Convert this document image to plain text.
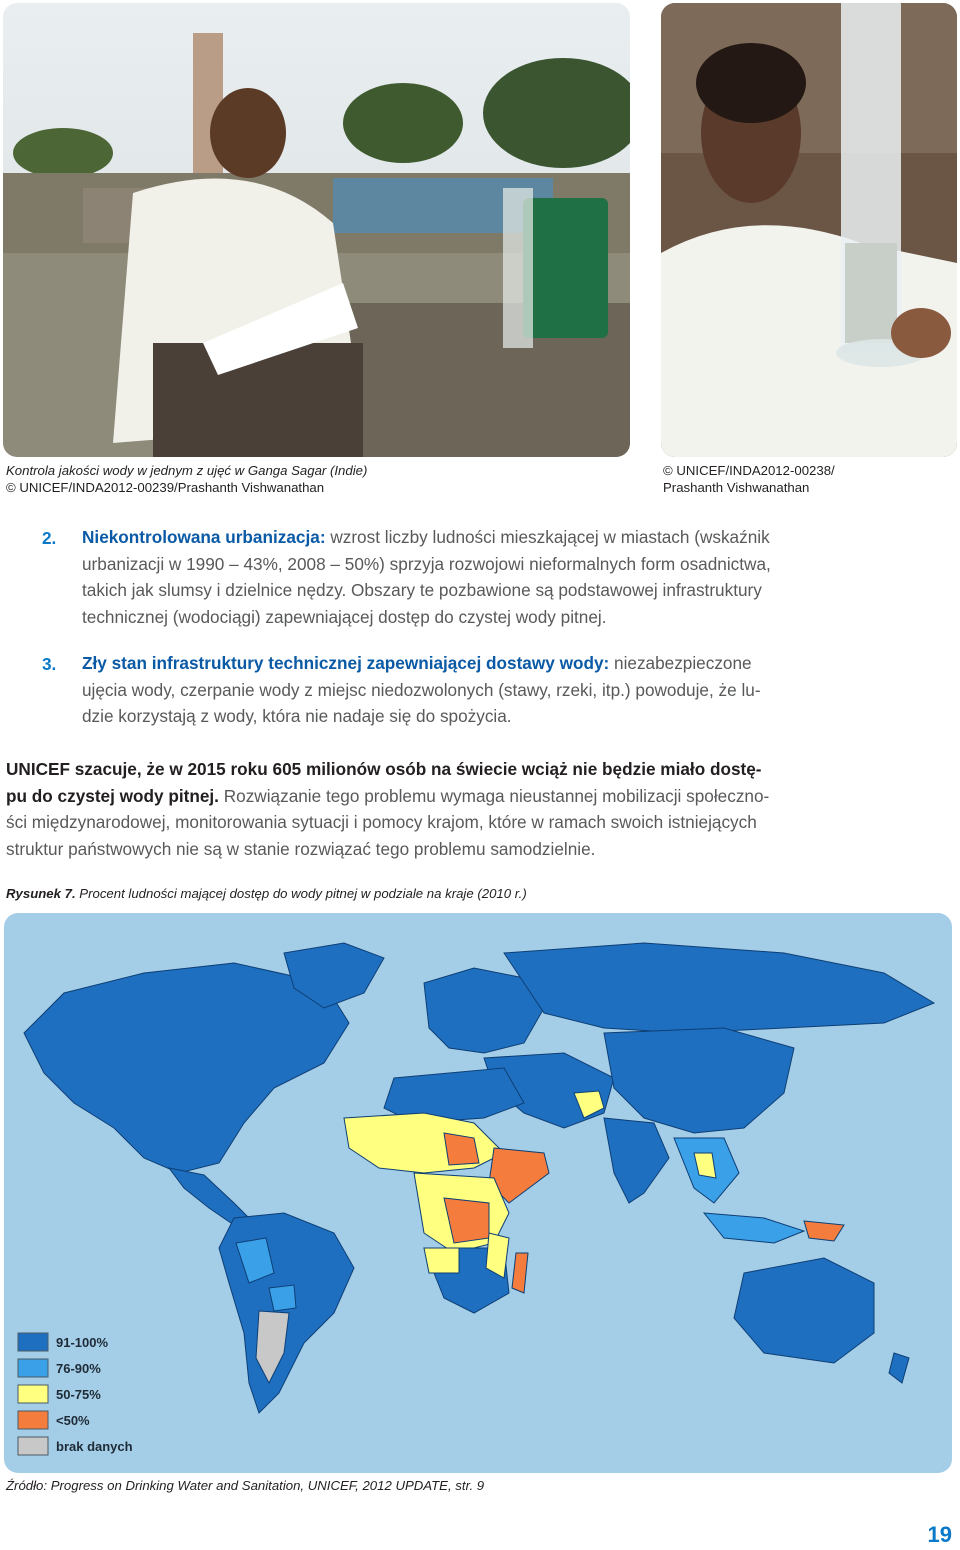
Kontrola jakości wody w jednym z ujęć w Ganga Sagar (Indie)
© UNICEF/INDA2012-00239/Prashanth Vishwanathan
© UNICEF/INDA2012-00238/
Prashanth Vishwanathan
2. Niekontrolowana urbanizacja: wzrost liczby ludności mieszkającej w miastach (wskaźnik
urbanizacji w 1990 – 43%, 2008 – 50%) sprzyja rozwojowi nieformalnych form osadnictwa,
takich jak slumsy i dzielnice nędzy. Obszary te pozbawione są podstawowej infrastruktury
technicznej (wodociągi) zapewniającej dostęp do czystej wody pitnej.
3. Zły stan infrastruktury technicznej zapewniającej dostawy wody: niezabezpieczone
ujęcia wody, czerpanie wody z miejsc niedozwolonych (stawy, rzeki, itp.) powoduje, że lu-
dzie korzystają z wody, która nie nadaje się do spożycia.
UNICEF szacuje, że w 2015 roku 605 milionów osób na świecie wciąż nie będzie miało dostę-
pu do czystej wody pitnej. Rozwiązanie tego problemu wymaga nieustannej mobilizacji społeczno-
ści międzynarodowej, monitorowania sytuacji i pomocy krajom, które w ramach swoich istniejących
struktur państwowych nie są w stanie rozwiązać tego problemu samodzielnie.
Rysunek 7. Procent ludności mającej dostęp do wody pitnej w podziale na kraje (2010 r.)
91-100%
76-90%
50-75%
<50%
brak danych
Źródło: Progress on Drinking Water and Sanitation, UNICEF, 2012 UPDATE, str. 9
19
